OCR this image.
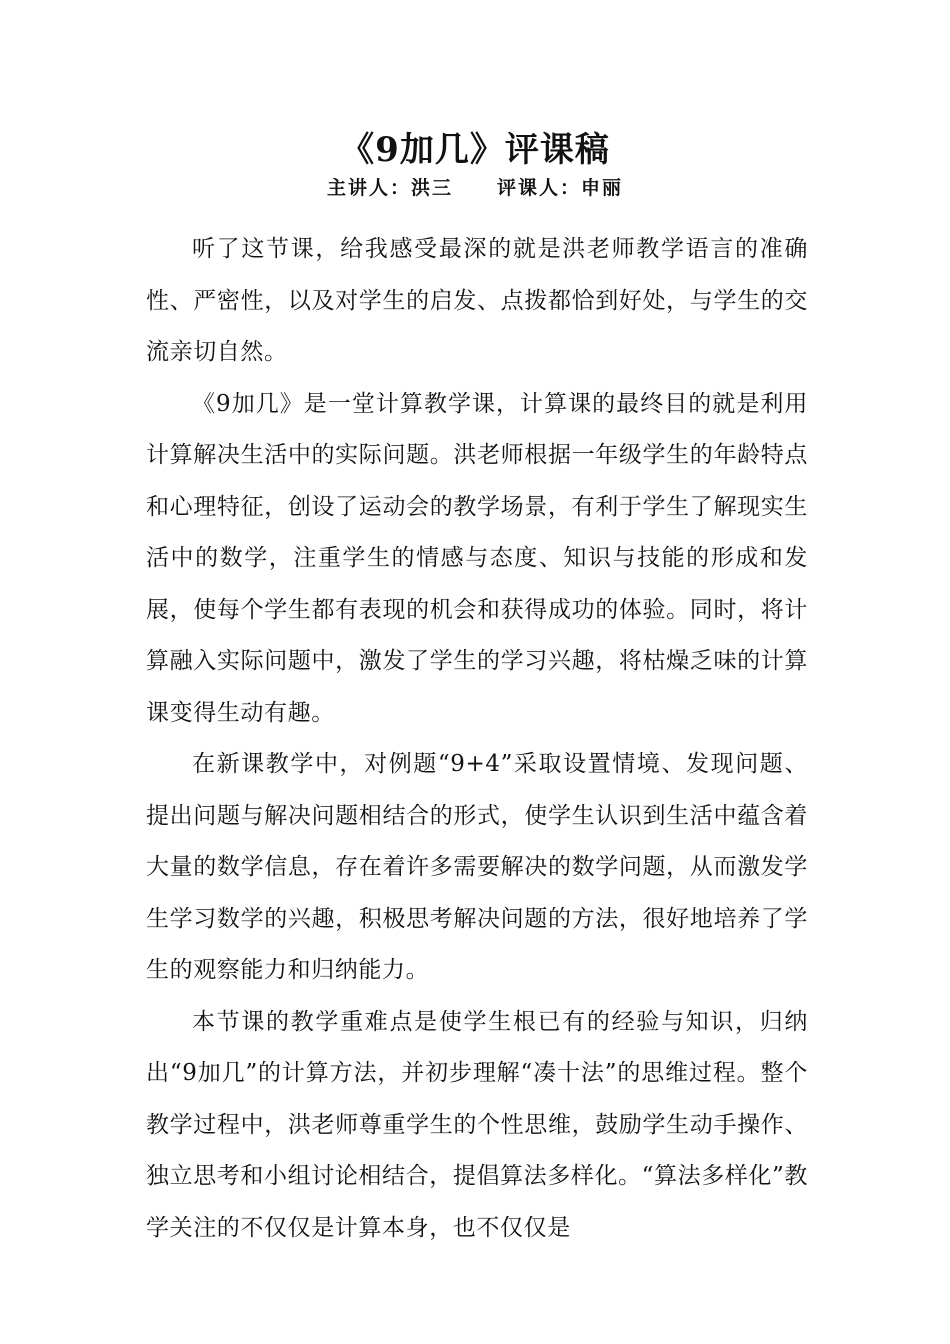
《9加几》评课稿
主讲人：洪三 评课人：申丽

听了这节课，给我感受最深的就是洪老师教学语言的准确性、严密性，以及对学生的启发、点拨都恰到好处，与学生的交流亲切自然。

《9加几》是一堂计算教学课，计算课的最终目的就是利用计算解决生活中的实际问题。洪老师根据一年级学生的年龄特点和心理特征，创设了运动会的教学场景，有利于学生了解现实生活中的数学，注重学生的情感与态度、知识与技能的形成和发展，使每个学生都有表现的机会和获得成功的体验。同时，将计算融入实际问题中，激发了学生的学习兴趣，将枯燥乏味的计算课变得生动有趣。

在新课教学中，对例题“9+4”采取设置情境、发现问题、提出问题与解决问题相结合的形式，使学生认识到生活中蕴含着大量的数学信息，存在着许多需要解决的数学问题，从而激发学生学习数学的兴趣，积极思考解决问题的方法，很好地培养了学生的观察能力和归纳能力。

本节课的教学重难点是使学生根已有的经验与知识，归纳出“9加几”的计算方法，并初步理解“凑十法”的思维过程。整个教学过程中，洪老师尊重学生的个性思维，鼓励学生动手操作、独立思考和小组讨论相结合，提倡算法多样化。“算法多样化”教学关注的不仅仅是计算本身，也不仅仅是
